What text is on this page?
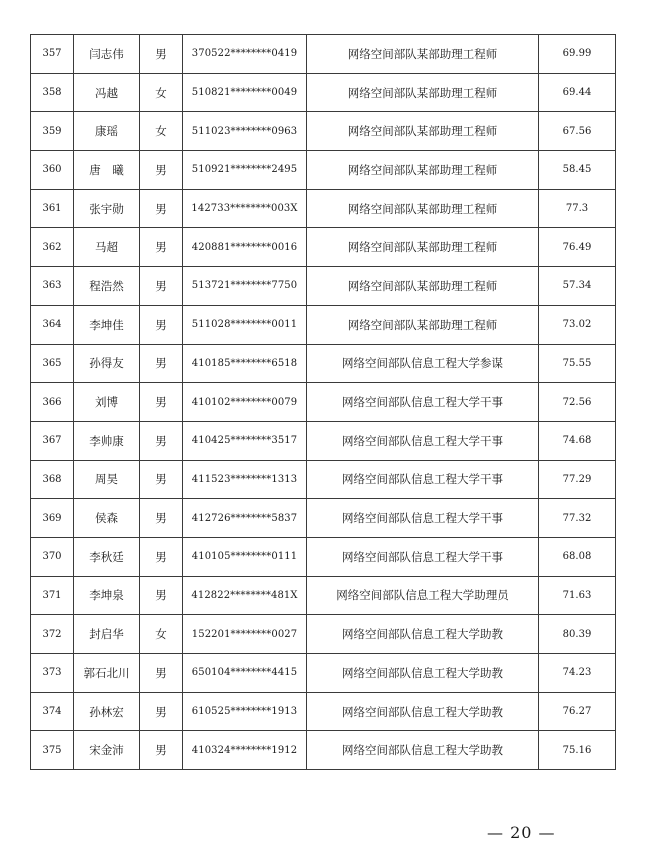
357	闫志伟	男	370522********0419	网络空间部队某部助理工程师	69.99
358	冯越	女	510821********0049	网络空间部队某部助理工程师	69.44
359	康瑶	女	511023********0963	网络空间部队某部助理工程师	67.56
360	唐　曦	男	510921********2495	网络空间部队某部助理工程师	58.45
361	张宇勋	男	142733********003X	网络空间部队某部助理工程师	77.3
362	马超	男	420881********0016	网络空间部队某部助理工程师	76.49
363	程浩然	男	513721********7750	网络空间部队某部助理工程师	57.34
364	李坤佳	男	511028********0011	网络空间部队某部助理工程师	73.02
365	孙得友	男	410185********6518	网络空间部队信息工程大学参谋	75.55
366	刘博	男	410102********0079	网络空间部队信息工程大学干事	72.56
367	李帅康	男	410425********3517	网络空间部队信息工程大学干事	74.68
368	周昊	男	411523********1313	网络空间部队信息工程大学干事	77.29
369	侯森	男	412726********5837	网络空间部队信息工程大学干事	77.32
370	李秋廷	男	410105********0111	网络空间部队信息工程大学干事	68.08
371	李坤泉	男	412822********481X	网络空间部队信息工程大学助理员	71.63
372	封启华	女	152201********0027	网络空间部队信息工程大学助教	80.39
373	郭石北川	男	650104********4415	网络空间部队信息工程大学助教	74.23
374	孙林宏	男	610525********1913	网络空间部队信息工程大学助教	76.27
375	宋金沛	男	410324********1912	网络空间部队信息工程大学助教	75.16
— 20 —
